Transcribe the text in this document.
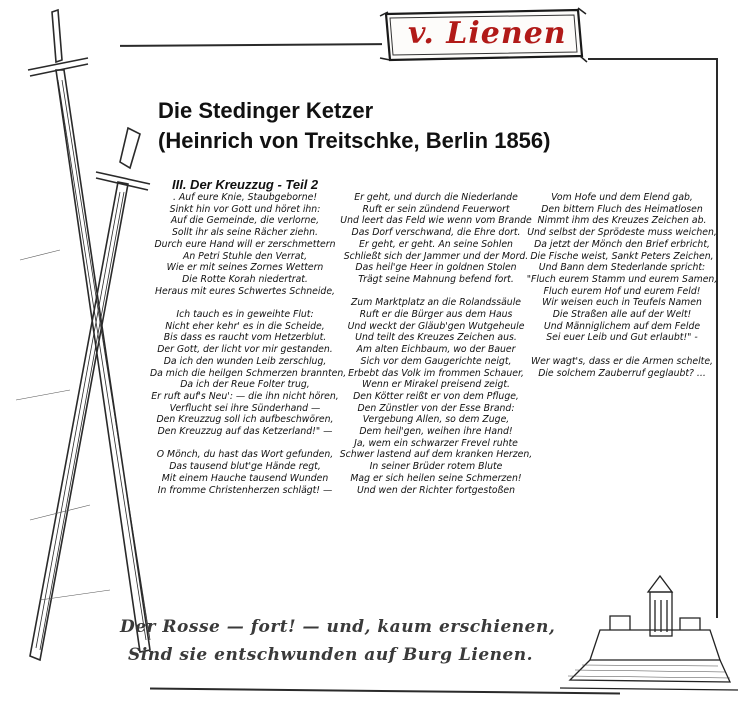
v. Lienen
Die Stedinger Ketzer
(Heinrich von Treitschke, Berlin 1856)
III. Der Kreuzzug - Teil 2
. Auf eure Knie, Staubgeborne!
Sinkt hin vor Gott und höret ihn:
Auf die Gemeinde, die verlorne,
Sollt ihr als seine Rächer ziehn.
Durch eure Hand will er zerschmettern
An Petri Stuhle den Verrat,
Wie er mit seines Zornes Wettern
Die Rotte Korah niedertrat.
Heraus mit eures Schwertes Schneide,
Ich tauch es in geweihte Flut:
Nicht eher kehr' es in die Scheide,
Bis dass es raucht vom Hetzerblut.
Der Gott, der licht vor mir gestanden.
Da ich den wunden Leib zerschlug,
Da mich die heilgen Schmerzen brannten,
Da ich der Reue Folter trug,
Er ruft auf's Neu': — die ihn nicht hören,
Verflucht sei ihre Sünderhand —
Den Kreuzzug soll ich aufbeschwören,
Den Kreuzzug auf das Ketzerland!" —
O Mönch, du hast das Wort gefunden,
Das tausend blut'ge Hände regt,
Mit einem Hauche tausend Wunden
In fromme Christenherzen schlägt! —
Er geht, und durch die Niederlande
Ruft er sein zündend Feuerwort
Und leert das Feld wie wenn vom Brande
Das Dorf verschwand, die Ehre dort.
Er geht, er geht. An seine Sohlen
Schließt sich der Jammer und der Mord.
Das heil'ge Heer in goldnen Stolen
Trägt seine Mahnung befend fort.
Zum Marktplatz an die Rolandssäule
Ruft er die Bürger aus dem Haus
Und weckt der Gläub'gen Wutgeheule
Und teilt des Kreuzes Zeichen aus.
Am alten Eichbaum, wo der Bauer
Sich vor dem Gaugerichte neigt,
Erbebt das Volk im frommen Schauer,
Wenn er Mirakel preisend zeigt.
Den Kötter reißt er von dem Pfluge,
Den Zünstler von der Esse Brand:
Vergebung Allen, so dem Zuge,
Dem heil'gen, weihen ihre Hand!
Ja, wem ein schwarzer Frevel ruhte
Schwer lastend auf dem kranken Herzen,
In seiner Brüder rotem Blute
Mag er sich heilen seine Schmerzen!
Und wen der Richter fortgestoßen
Vom Hofe und dem Elend gab,
Den bittern Fluch des Heimatlosen
Nimmt ihm des Kreuzes Zeichen ab.
Und selbst der Sprödeste muss weichen,
Da jetzt der Mönch den Brief erbricht,
Die Fische weist, Sankt Peters Zeichen,
Und Bann dem Stederlande spricht:
"Fluch eurem Stamm und eurem Samen,
Fluch eurem Hof und eurem Feld!
Wir weisen euch in Teufels Namen
Die Straßen alle auf der Welt!
Und Männiglichem auf dem Felde
Sei euer Leib und Gut erlaubt!" -
Wer wagt's, dass er die Armen schelte,
Die solchem Zauberruf geglaubt? ...
Der Rosse — fort! — und, kaum erschienen,
Sind sie entschwunden auf Burg Lienen.
